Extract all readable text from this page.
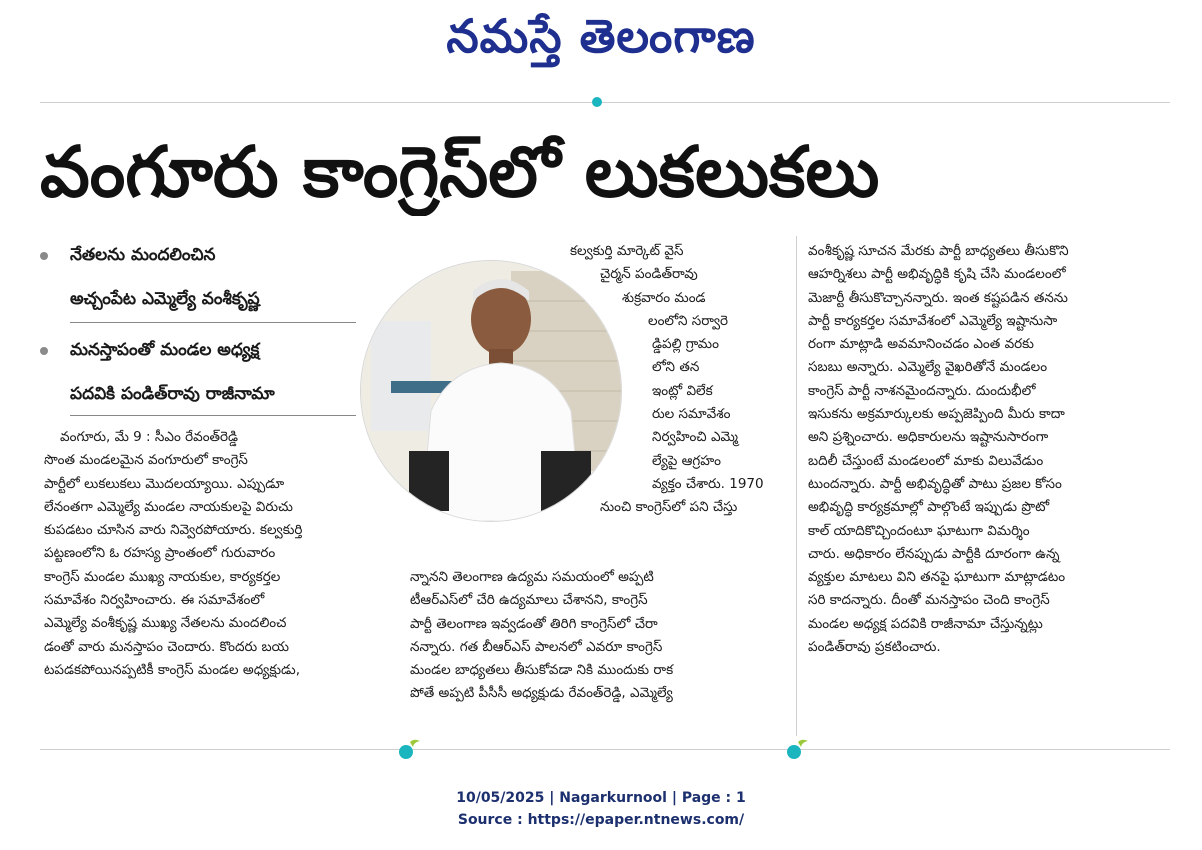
నమస్తే తెలంగాణ
వంగూరు కాంగ్రెస్‌లో లుకలుకలు
నేతలను మందలించిన
అచ్చంపేట ఎమ్మెల్యే వంశీకృష్ణ
మనస్తాపంతో మండల అధ్యక్ష
పదవికి పండిత్‌రావు రాజీనామా

వంగూరు, మే 9 : సీఎం రేవంత్‌రెడ్డి

సొంత మండలమైన వంగూరులో కాంగ్రెస్

పార్టీలో లుకలుకలు మొదలయ్యాయి. ఎప్పుడూ

లేనంతగా ఎమ్మెల్యే మండల నాయకులపై విరుచు

కుపడటం చూసిన వారు నివ్వెరపోయారు. కల్వకుర్తి

పట్టణంలోని ఓ రహస్య ప్రాంతంలో గురువారం

కాంగ్రెస్ మండల ముఖ్య నాయకుల, కార్యకర్తల

సమావేశం నిర్వహించారు. ఈ సమావేశంలో

ఎమ్మెల్యే వంశీకృష్ణ ముఖ్య నేతలను మందలించ

డంతో వారు మనస్తాపం చెందారు. కొందరు బయ

టపడకపోయినప్పటికీ కాంగ్రెస్ మండల అధ్యక్షుడు,

కల్వకుర్తి మార్కెట్ వైస్

చైర్మన్ పండిత్‌రావు

శుక్రవారం మండ

లంలోని సర్వారె

డ్డిపల్లి గ్రామం

లోని తన

ఇంట్లో విలేక

రుల సమావేశం

నిర్వహించి ఎమ్మె

ల్యేపై ఆగ్రహం

వ్యక్తం చేశారు. 1970

నుంచి కాంగ్రెస్‌లో పని చేస్తు

న్నానని తెలంగాణ ఉద్యమ సమయంలో అప్పటి

టీఆర్‌ఎస్‌లో చేరి ఉద్యమాలు చేశానని, కాంగ్రెస్

పార్టీ తెలంగాణ ఇవ్వడంతో తిరిగి కాంగ్రెస్‌లో చేరా

నన్నారు. గత బీఆర్‌ఎస్ పాలనలో ఎవరూ కాంగ్రెస్

మండల బాధ్యతలు తీసుకోవడా నికి ముందుకు రాక

పోతే అప్పటి పీసీసీ అధ్యక్షుడు రేవంత్‌రెడ్డి, ఎమ్మెల్యే

వంశీకృష్ణ సూచన మేరకు పార్టీ బాధ్యతలు తీసుకొని

ఆహర్నిశలు పార్టీ అభివృద్ధికి కృషి చేసి మండలంలో

మెజార్టీ తీసుకొచ్చానన్నారు. ఇంత కష్టపడిన తనను

పార్టీ కార్యకర్తల సమావేశంలో ఎమ్మెల్యే ఇష్టానుసా

రంగా మాట్లాడి అవమానించడం ఎంత వరకు

సబబు అన్నారు. ఎమ్మెల్యే వైఖరితోనే మండలం

కాంగ్రెస్ పార్టీ నాశనమైందన్నారు. దుందుభీలో

ఇసుకను అక్రమార్కులకు అప్పజెప్పింది మీరు కాదా

అని ప్రశ్నించారు. అధికారులను ఇష్టానుసారంగా

బదిలీ చేస్తుంటే మండలంలో మాకు విలువేడుం

టుందన్నారు. పార్టీ అభివృద్ధితో పాటు ప్రజల కోసం

అభివృద్ధి కార్యక్రమాల్లో పాల్గొంటే ఇప్పుడు ప్రొటో

కాల్ యాదికొచ్చిందంటూ ఘాటుగా విమర్శిం

చారు. అధికారం లేనప్పుడు పార్టీకి దూరంగా ఉన్న

వ్యక్తుల మాటలు విని తనపై ఘాటుగా మాట్లాడటం

సరి కాదన్నారు. దీంతో మనస్తాపం చెంది కాంగ్రెస్

మండల అధ్యక్ష పదవికి రాజీనామా చేస్తున్నట్లు

పండిత్‌రావు ప్రకటించారు.

10/05/2025 | Nagarkurnool | Page : 1
Source : https://epaper.ntnews.com/
